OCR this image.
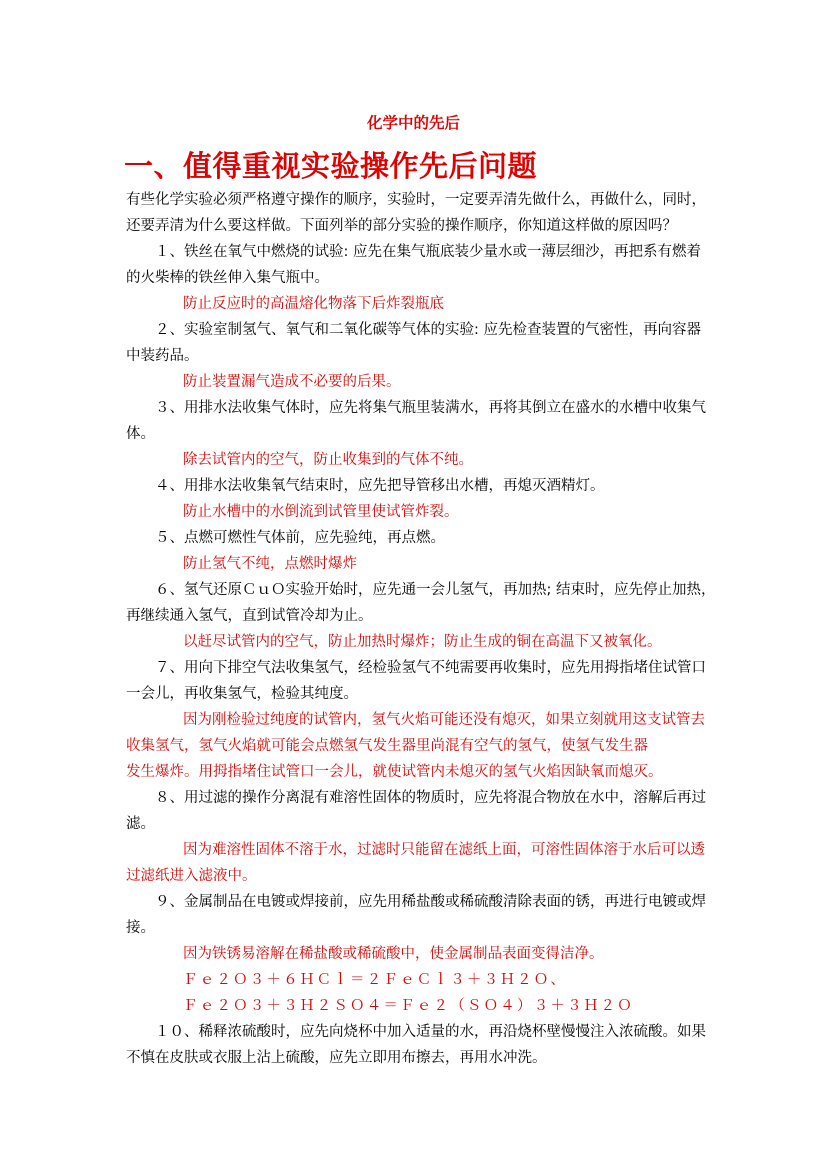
化学中的先后
一、值得重视实验操作先后问题
有些化学实验必须严格遵守操作的顺序，实验时，一定要弄清先做什么，再做什么，同时，
还要弄清为什么要这样做。下面列举的部分实验的操作顺序，你知道这样做的原因吗？
１、铁丝在氧气中燃烧的试验: 应先在集气瓶底装少量水或一薄层细沙，再把系有燃着
的火柴棒的铁丝伸入集气瓶中。
防止反应时的高温熔化物落下后炸裂瓶底
２、实验室制氢气、氧气和二氧化碳等气体的实验: 应先检查装置的气密性，再向容器
中装药品。
防止装置漏气造成不必要的后果。
３、用排水法收集气体时，应先将集气瓶里装满水，再将其倒立在盛水的水槽中收集气
体。
除去试管内的空气，防止收集到的气体不纯。
４、用排水法收集氧气结束时，应先把导管移出水槽，再熄灭酒精灯。
防止水槽中的水倒流到试管里使试管炸裂。
５、点燃可燃性气体前，应先验纯，再点燃。
防止氢气不纯，点燃时爆炸
６、氢气还原ＣｕＯ实验开始时，应先通一会儿氢气，再加热; 结束时，应先停止加热，
再继续通入氢气，直到试管冷却为止。
以赶尽试管内的空气，防止加热时爆炸；防止生成的铜在高温下又被氧化。
７、用向下排空气法收集氢气，经检验氢气不纯需要再收集时，应先用拇指堵住试管口
一会儿，再收集氢气，检验其纯度。
因为刚检验过纯度的试管内，氢气火焰可能还没有熄灭，如果立刻就用这支试管去
收集氢气，氢气火焰就可能会点燃氢气发生器里尚混有空气的氢气，使氢气发生器
发生爆炸。用拇指堵住试管口一会儿，就使试管内未熄灭的氢气火焰因缺氧而熄灭。
８、用过滤的操作分离混有难溶性固体的物质时，应先将混合物放在水中，溶解后再过
滤。
因为难溶性固体不溶于水，过滤时只能留在滤纸上面，可溶性固体溶于水后可以透
过滤纸进入滤液中。
９、金属制品在电镀或焊接前，应先用稀盐酸或稀硫酸清除表面的锈，再进行电镀或焊
接。
因为铁锈易溶解在稀盐酸或稀硫酸中，使金属制品表面变得洁净。
Ｆｅ２Ｏ３＋６ＨＣｌ＝２ＦｅＣｌ３＋３Ｈ２Ｏ、
Ｆｅ２Ｏ３＋３Ｈ２ＳＯ４＝Ｆｅ２（ＳＯ４）３＋３Ｈ２Ｏ
１０、稀释浓硫酸时，应先向烧杯中加入适量的水，再沿烧杯壁慢慢注入浓硫酸。如果
不慎在皮肤或衣服上沾上硫酸，应先立即用布擦去，再用水冲洗。
